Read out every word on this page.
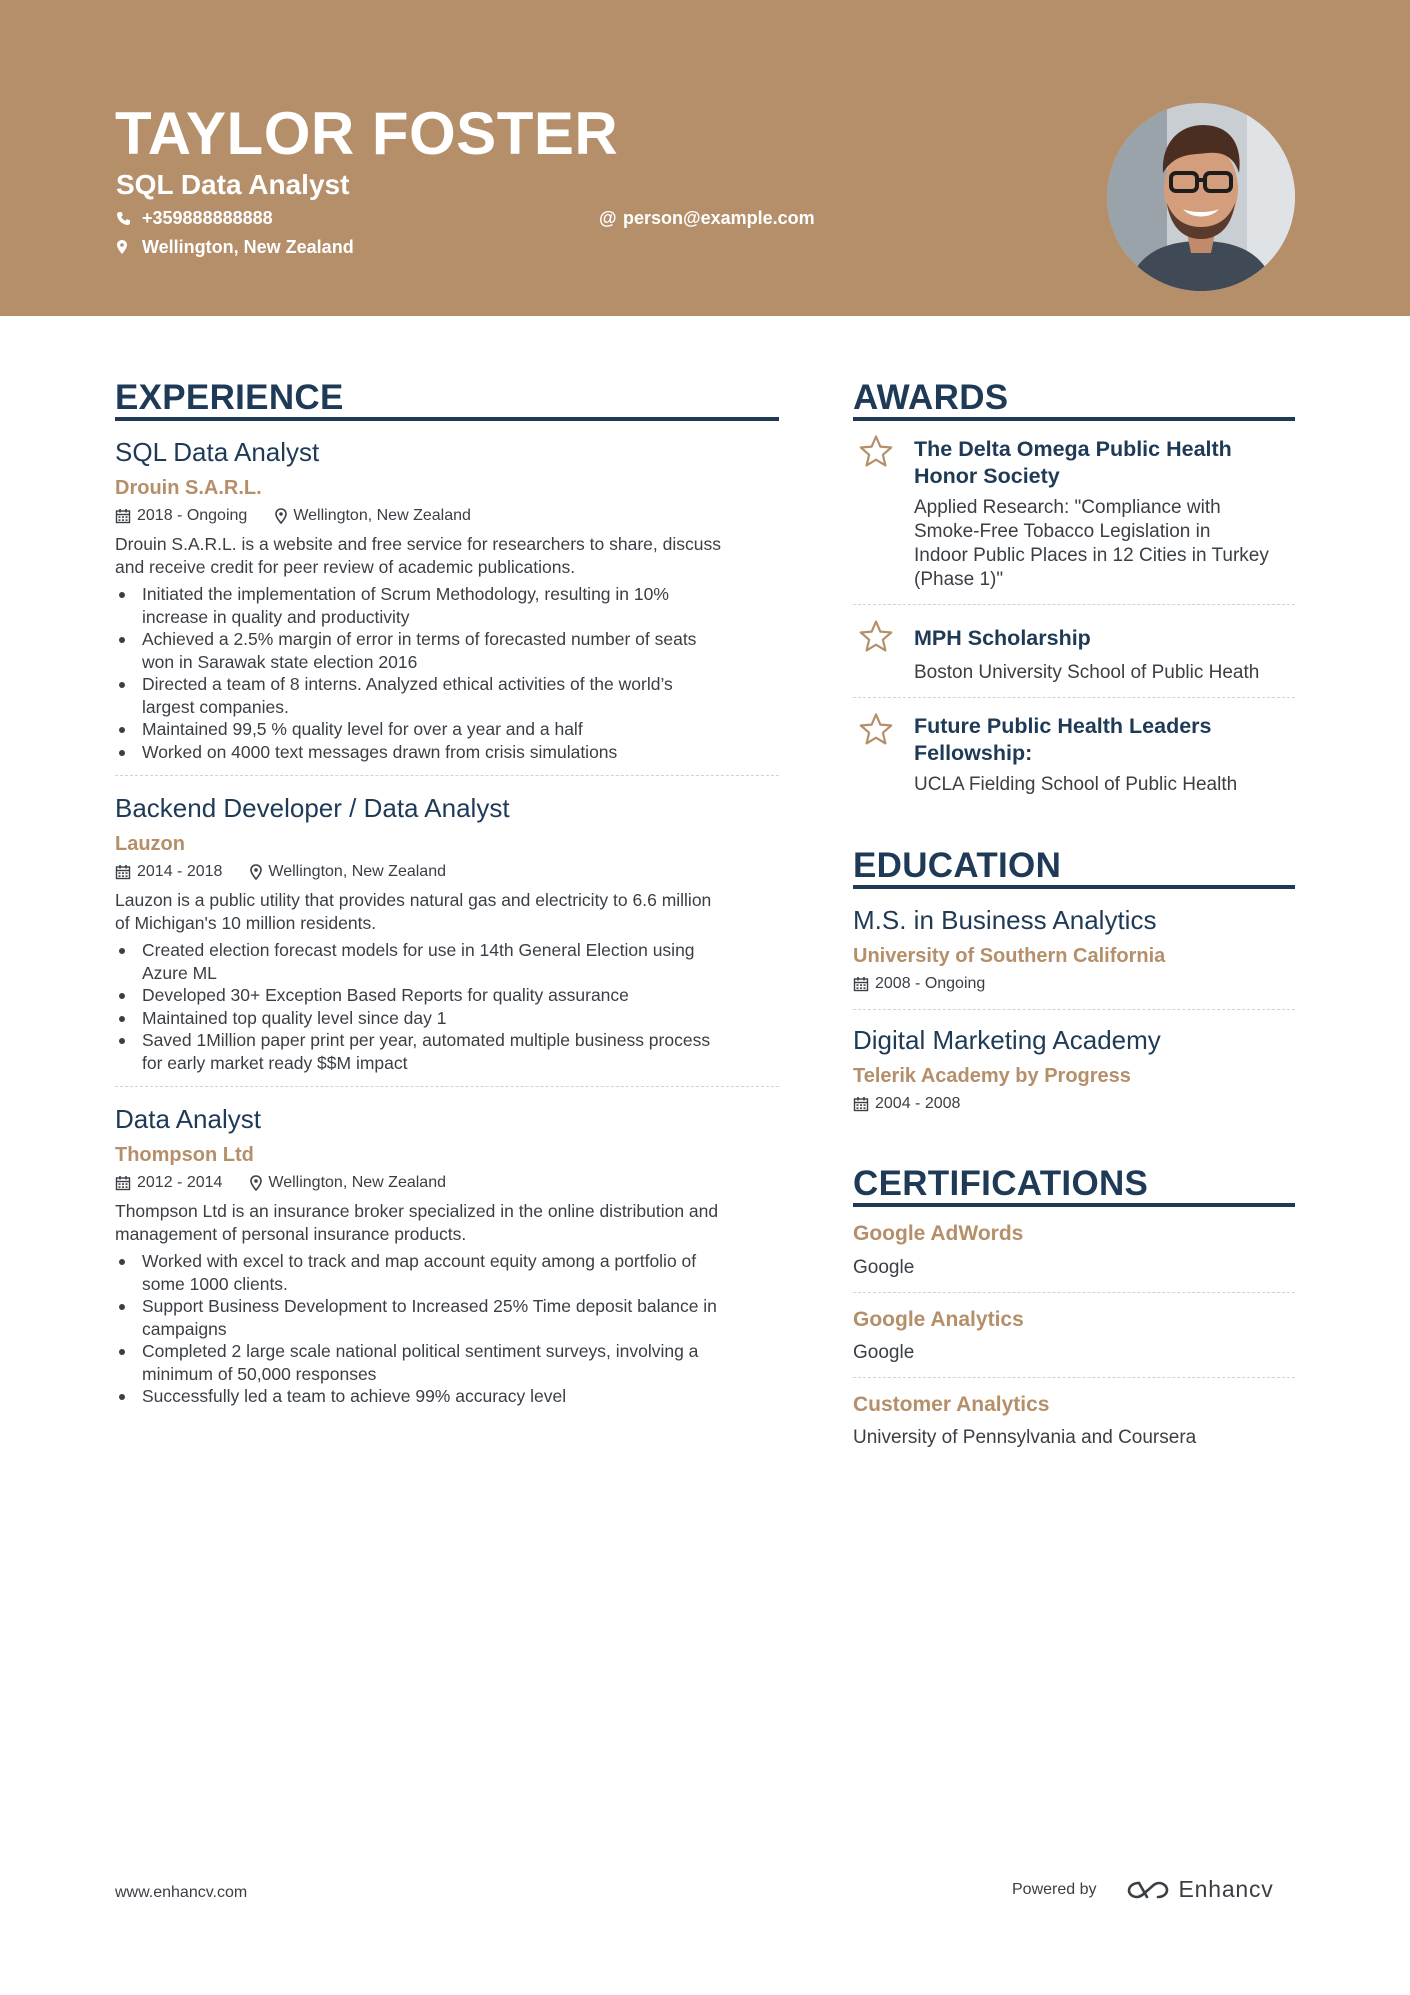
TAYLOR FOSTER
SQL Data Analyst
+359888888888	@ person@example.com
Wellington, New Zealand
EXPERIENCE
SQL Data Analyst
Drouin S.A.R.L.
2018 - Ongoing	Wellington, New Zealand
Drouin S.A.R.L. is a website and free service for researchers to share, discuss
and receive credit for peer review of academic publications.
Initiated the implementation of Scrum Methodology, resulting in 10%
increase in quality and productivity
Achieved a 2.5% margin of error in terms of forecasted number of seats
won in Sarawak state election 2016
Directed a team of 8 interns. Analyzed ethical activities of the world’s
largest companies.
Maintained 99,5 % quality level for over a year and a half
Worked on 4000 text messages drawn from crisis simulations
Backend Developer / Data Analyst
Lauzon
2014 - 2018	Wellington, New Zealand
Lauzon is a public utility that provides natural gas and electricity to 6.6 million
of Michigan's 10 million residents.
Created election forecast models for use in 14th General Election using
Azure ML
Developed 30+ Exception Based Reports for quality assurance
Maintained top quality level since day 1
Saved 1Million paper print per year, automated multiple business process
for early market ready $$M impact
Data Analyst
Thompson Ltd
2012 - 2014	Wellington, New Zealand
Thompson Ltd is an insurance broker specialized in the online distribution and
management of personal insurance products.
Worked with excel to track and map account equity among a portfolio of
some 1000 clients.
Support Business Development to Increased 25% Time deposit balance in
campaigns
Completed 2 large scale national political sentiment surveys, involving a
minimum of 50,000 responses
Successfully led a team to achieve 99% accuracy level
AWARDS
The Delta Omega Public Health
Honor Society
Applied Research: "Compliance with
Smoke-Free Tobacco Legislation in
Indoor Public Places in 12 Cities in Turkey
(Phase 1)"
MPH Scholarship
Boston University School of Public Heath
Future Public Health Leaders
Fellowship:
UCLA Fielding School of Public Health
EDUCATION
M.S. in Business Analytics
University of Southern California
2008 - Ongoing
Digital Marketing Academy
Telerik Academy by Progress
2004 - 2008
CERTIFICATIONS
Google AdWords
Google
Google Analytics
Google
Customer Analytics
University of Pennsylvania and Coursera
www.enhancv.com	Powered by	Enhancv
